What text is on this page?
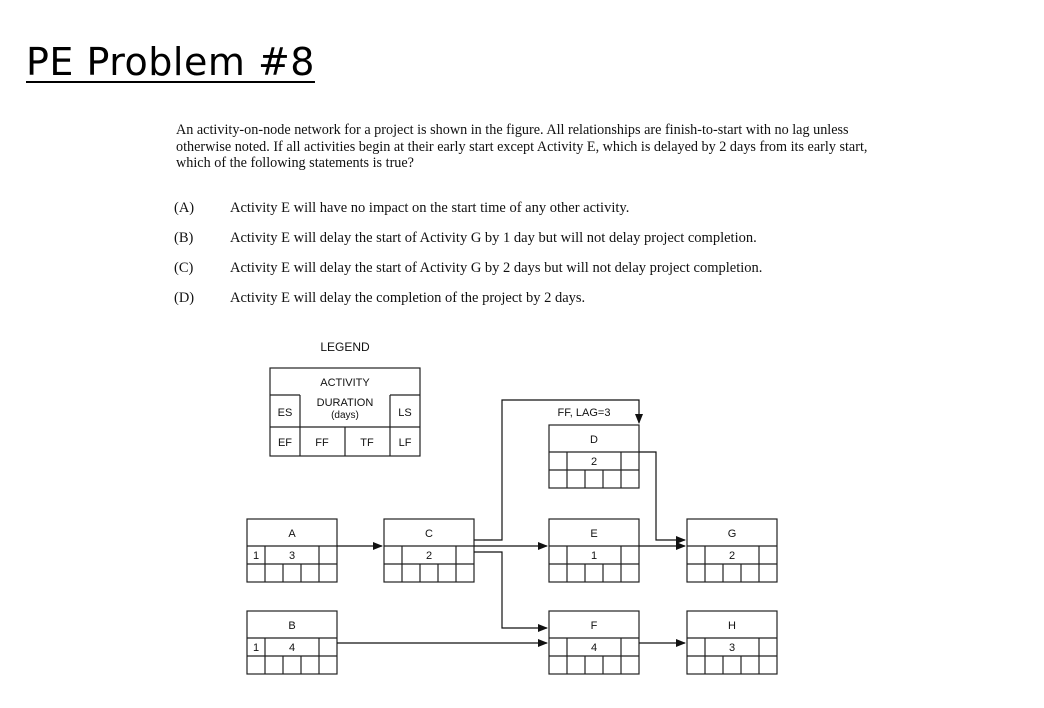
PE Problem #8
An activity-on-node network for a project is shown in the figure. All relationships are finish-to-start with no lag unless otherwise noted. If all activities begin at their early start except Activity E, which is delayed by 2 days from its early start, which of the following statements is true?
(A) Activity E will have no impact on the start time of any other activity.
(B)	Activity E will delay the start of Activity G by 1 day but will not delay project completion.
(C)	Activity E will delay the start of Activity G by 2 days but will not delay project completion.
(D) Activity E will delay the completion of the project by 2 days.
LEGEND
ACTIVITY
DURATION
(days)
ES	LS
EF FF	TF LF
A
1	3
B
1	4
C
2
D
2
E
1
F
4
G
2
H
3
FF, LAG=3
